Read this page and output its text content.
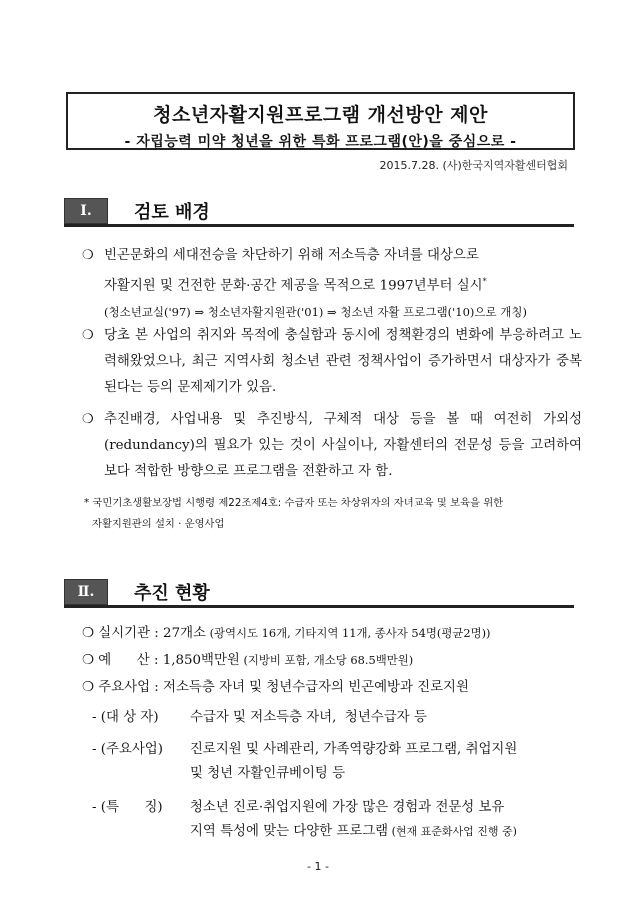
청소년자활지원프로그램 개선방안 제안
- 자립능력 미약 청년을 위한 특화 프로그램(안)을 중심으로 -
2015.7.28. (사)한국지역자활센터협회
Ⅰ.	검토 배경
❍ 빈곤문화의 세대전승을 차단하기 위해 저소득층 자녀를 대상으로
자활지원 및 건전한 문화·공간 제공을 목적으로 1997년부터 실시*
(청소년교실('97) ⇒ 청소년자활지원관('01) ⇒ 청소년 자활 프로그램('10)으로 개칭)
❍ 당초 본 사업의 취지와 목적에 충실함과 동시에 정책환경의 변화에 부응하려고 노력해왔었으나, 최근 지역사회 청소년 관련 정책사업이 증가하면서 대상자가 중복된다는 등의 문제제기가 있음.
❍ 추진배경, 사업내용 및 추진방식, 구체적 대상 등을 볼 때 여전히 가외성(redundancy)의 필요가 있는 것이 사실이나, 자활센터의 전문성 등을 고려하여 보다 적합한 방향으로 프로그램을 전환하고 자 함.
* 국민기초생활보장법 시행령 제22조제4호: 수급자 또는 차상위자의 자녀교육 및 보육을 위한
자활지원관의 설치 · 운영사업
Ⅱ.	추진 현황
❍ 실시기관 : 27개소 (광역시도 16개, 기타지역 11개, 종사자 54명(평균2명))
❍ 예      산 : 1,850백만원 (지방비 포함, 개소당 68.5백만원)
❍ 주요사업 : 저소득층 자녀 및 청년수급자의 빈곤예방과 진로지원
- (대 상 자) 수급자 및 저소득층 자녀,  청년수급자 등
- (주요사업) 진로지원 및 사례관리, 가족역량강화 프로그램, 취업지원
및 청년 자활인큐베이팅 등
- (특      징) 청소년 진로·취업지원에 가장 많은 경험과 전문성 보유
지역 특성에 맞는 다양한 프로그램 (현재 표준화사업 진행 중)
- 1 -
